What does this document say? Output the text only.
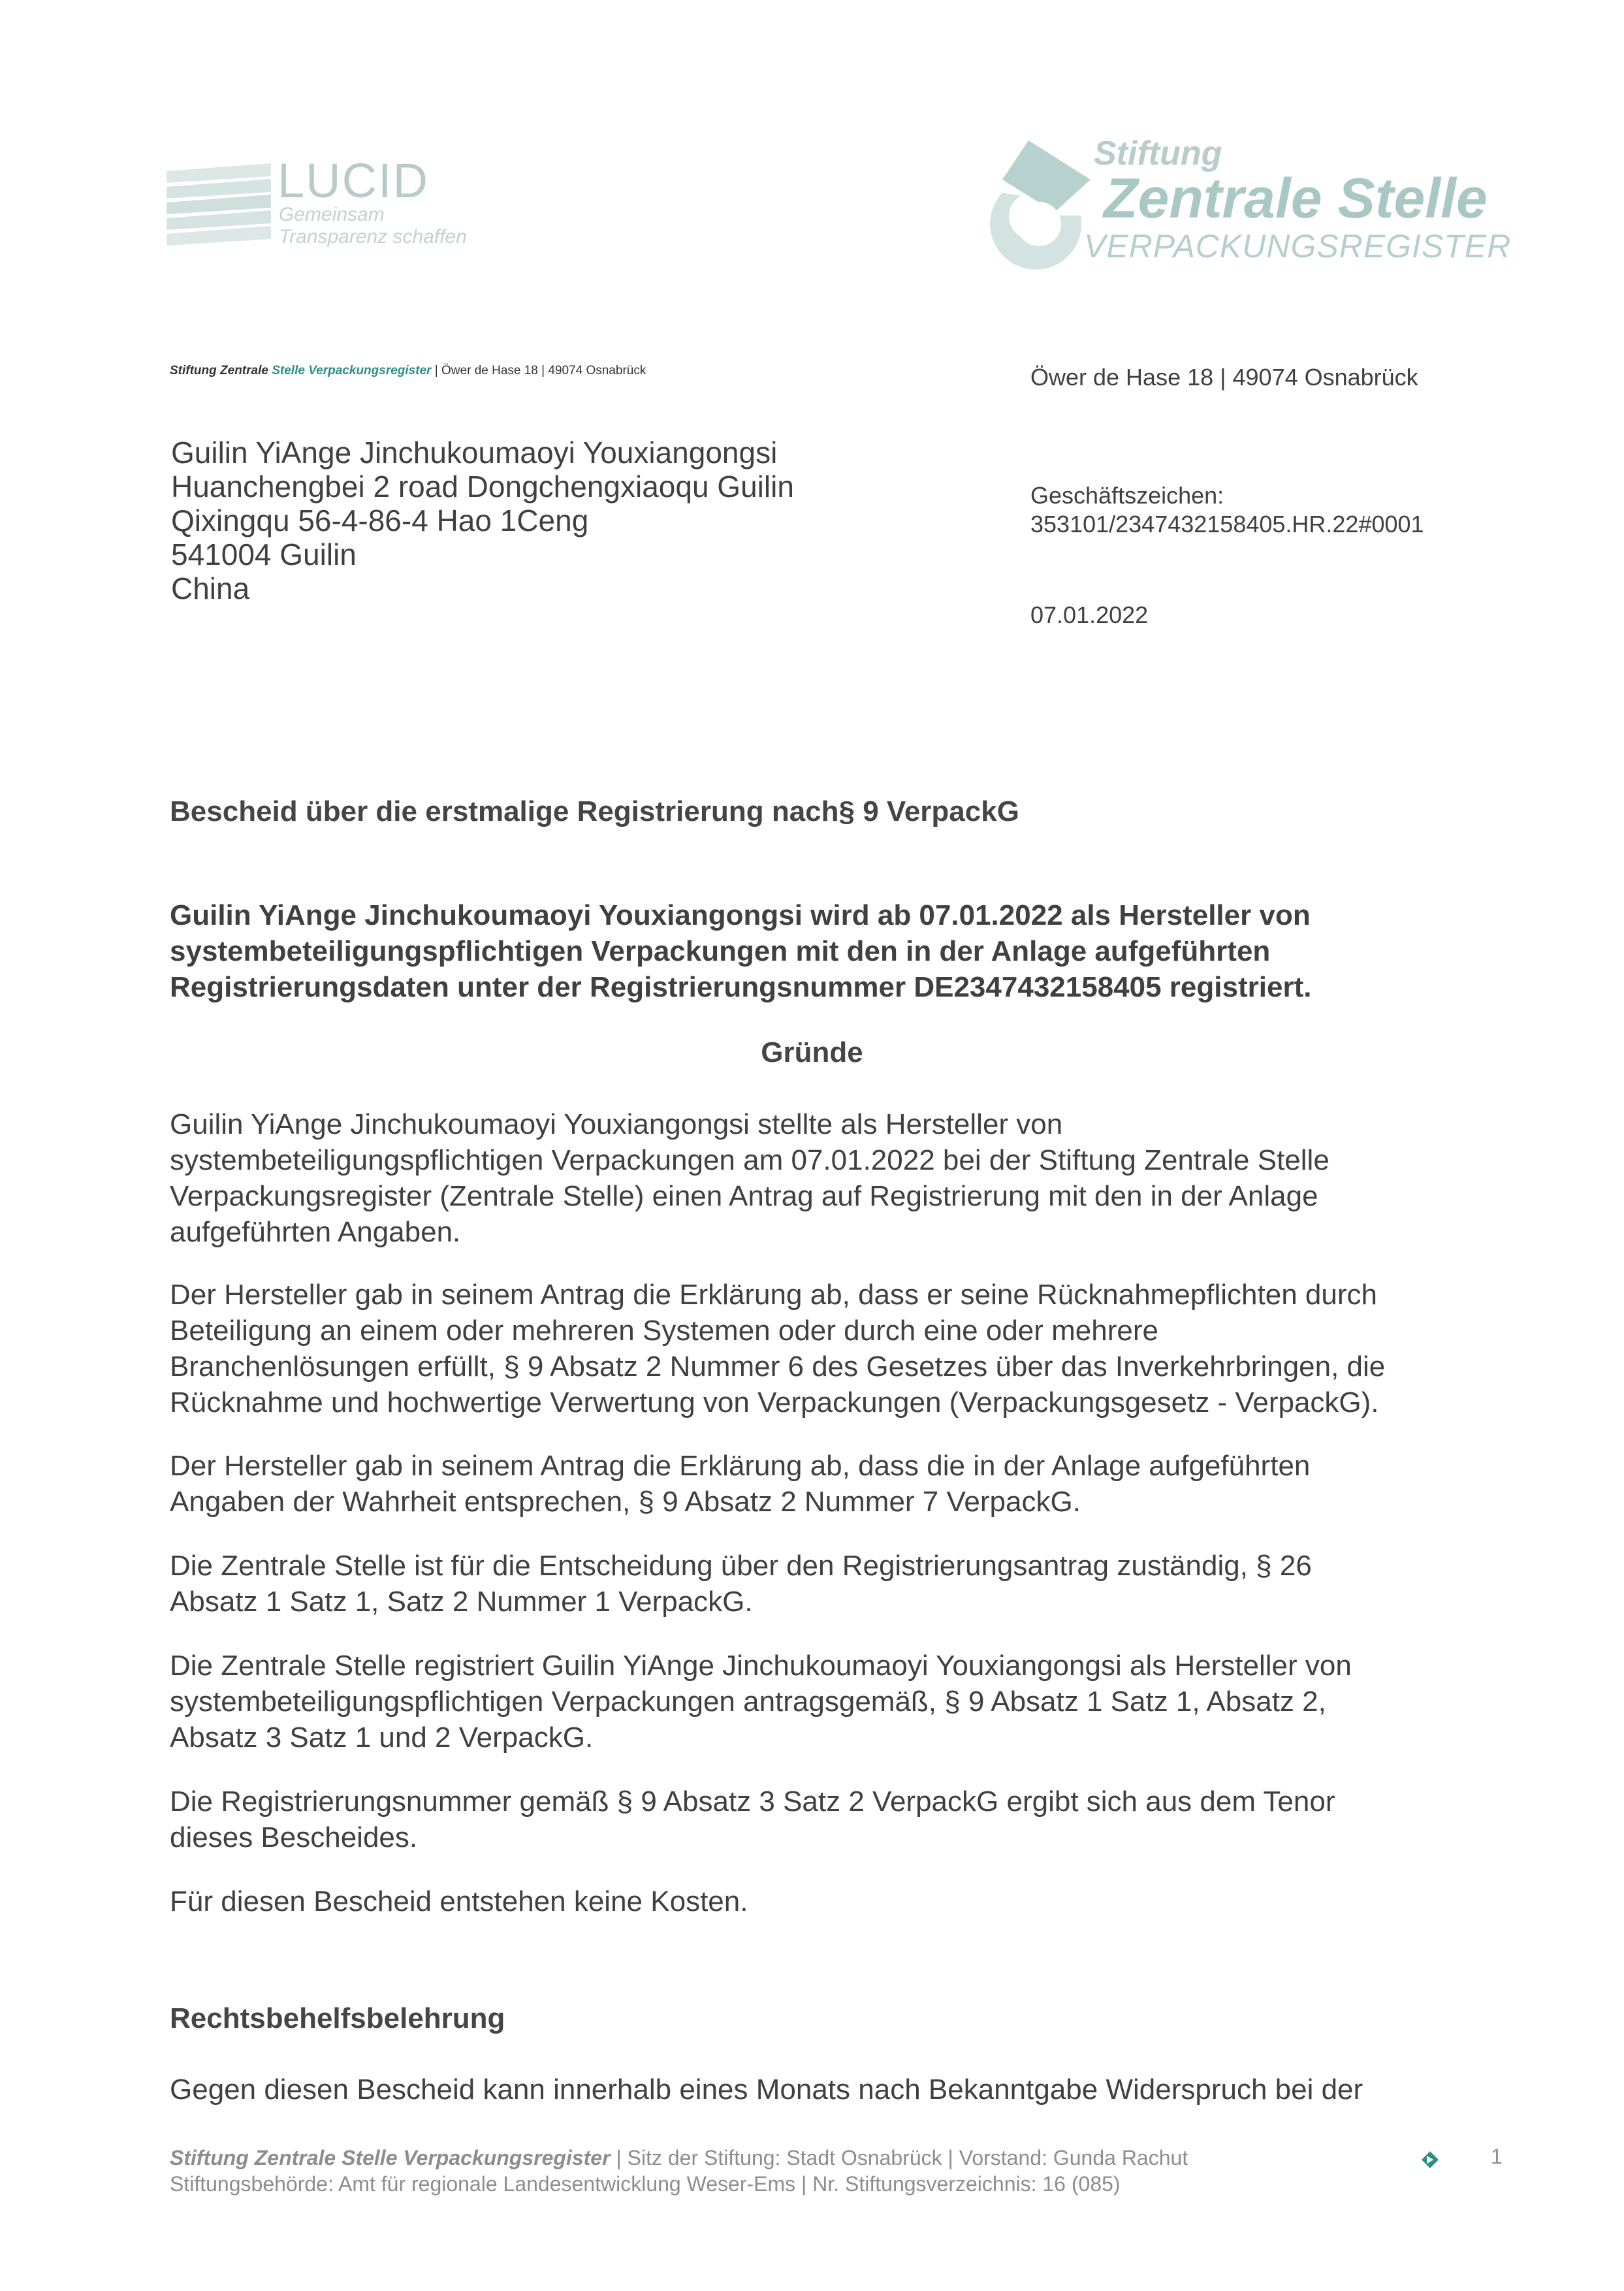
LUCID
Gemeinsam
Transparenz schaffen
Stiftung
Zentrale Stelle
VERPACKUNGSREGISTER
Stiftung Zentrale Stelle Verpackungsregister | Öwer de Hase 18 | 49074 Osnabrück
Guilin YiAnge Jinchukoumaoyi Youxiangongsi
Huanchengbei 2 road Dongchengxiaoqu Guilin
Qixingqu 56-4-86-4 Hao 1Ceng
541004 Guilin
China
Öwer de Hase 18 | 49074 Osnabrück
Geschäftszeichen:
353101/2347432158405.HR.22#0001
07.01.2022
Bescheid über die erstmalige Registrierung nach§ 9 VerpackG
Guilin YiAnge Jinchukoumaoyi Youxiangongsi wird ab 07.01.2022 als Hersteller von
systembeteiligungspflichtigen Verpackungen mit den in der Anlage aufgeführten
Registrierungsdaten unter der Registrierungsnummer DE2347432158405 registriert.
Gründe
Guilin YiAnge Jinchukoumaoyi Youxiangongsi stellte als Hersteller von
systembeteiligungspflichtigen Verpackungen am 07.01.2022 bei der Stiftung Zentrale Stelle
Verpackungsregister (Zentrale Stelle) einen Antrag auf Registrierung mit den in der Anlage
aufgeführten Angaben.
Der Hersteller gab in seinem Antrag die Erklärung ab, dass er seine Rücknahmepflichten durch
Beteiligung an einem oder mehreren Systemen oder durch eine oder mehrere
Branchenlösungen erfüllt, § 9 Absatz 2 Nummer 6 des Gesetzes über das Inverkehrbringen, die
Rücknahme und hochwertige Verwertung von Verpackungen (Verpackungsgesetz - VerpackG).
Der Hersteller gab in seinem Antrag die Erklärung ab, dass die in der Anlage aufgeführten
Angaben der Wahrheit entsprechen, § 9 Absatz 2 Nummer 7 VerpackG.
Die Zentrale Stelle ist für die Entscheidung über den Registrierungsantrag zuständig, § 26
Absatz 1 Satz 1, Satz 2 Nummer 1 VerpackG.
Die Zentrale Stelle registriert Guilin YiAnge Jinchukoumaoyi Youxiangongsi als Hersteller von
systembeteiligungspflichtigen Verpackungen antragsgemäß, § 9 Absatz 1 Satz 1, Absatz 2,
Absatz 3 Satz 1 und 2 VerpackG.
Die Registrierungsnummer gemäß § 9 Absatz 3 Satz 2 VerpackG ergibt sich aus dem Tenor
dieses Bescheides.
Für diesen Bescheid entstehen keine Kosten.
Rechtsbehelfsbelehrung
Gegen diesen Bescheid kann innerhalb eines Monats nach Bekanntgabe Widerspruch bei der
Stiftung Zentrale Stelle Verpackungsregister | Sitz der Stiftung: Stadt Osnabrück | Vorstand: Gunda Rachut
Stiftungsbehörde: Amt für regionale Landesentwicklung Weser-Ems | Nr. Stiftungsverzeichnis: 16 (085)
1
